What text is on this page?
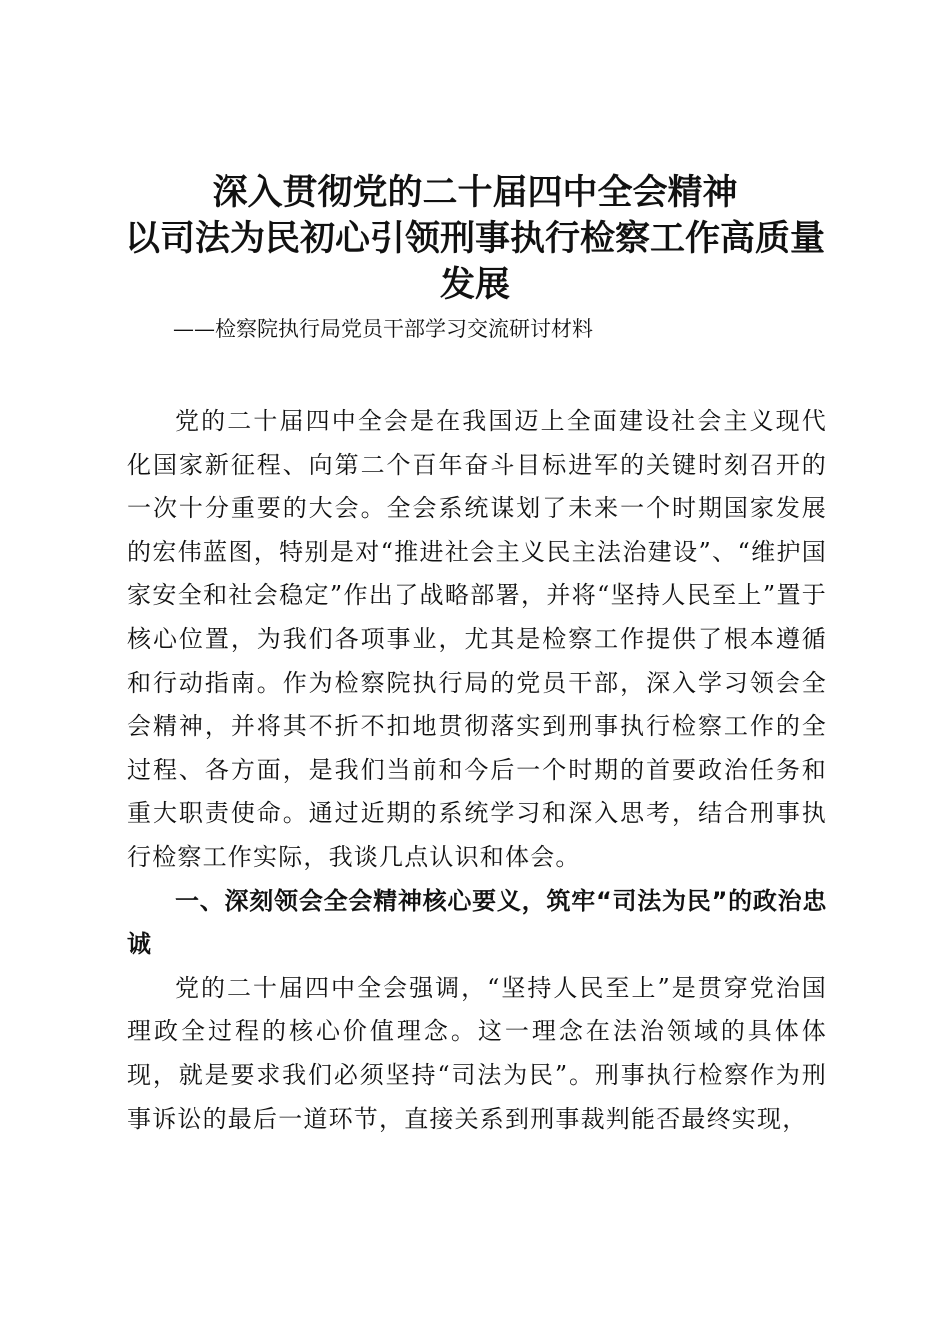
深入贯彻党的二十届四中全会精神
以司法为民初心引领刑事执行检察工作高质量
发展
——检察院执行局党员干部学习交流研讨材料

党的二十届四中全会是在我国迈上全面建设社会主义现代化国家新征程、向第二个百年奋斗目标进军的关键时刻召开的一次十分重要的大会。全会系统谋划了未来一个时期国家发展的宏伟蓝图，特别是对“推进社会主义民主法治建设”、“维护国家安全和社会稳定”作出了战略部署，并将“坚持人民至上”置于核心位置，为我们各项事业，尤其是检察工作提供了根本遵循和行动指南。作为检察院执行局的党员干部，深入学习领会全会精神，并将其不折不扣地贯彻落实到刑事执行检察工作的全过程、各方面，是我们当前和今后一个时期的首要政治任务和重大职责使命。通过近期的系统学习和深入思考，结合刑事执行检察工作实际，我谈几点认识和体会。

一、深刻领会全会精神核心要义，筑牢“司法为民”的政治忠诚

党的二十届四中全会强调，“坚持人民至上”是贯穿党治国理政全过程的核心价值理念。这一理念在法治领域的具体体现，就是要求我们必须坚持“司法为民”。刑事执行检察作为刑事诉讼的最后一道环节，直接关系到刑事裁判能否最终实现，
